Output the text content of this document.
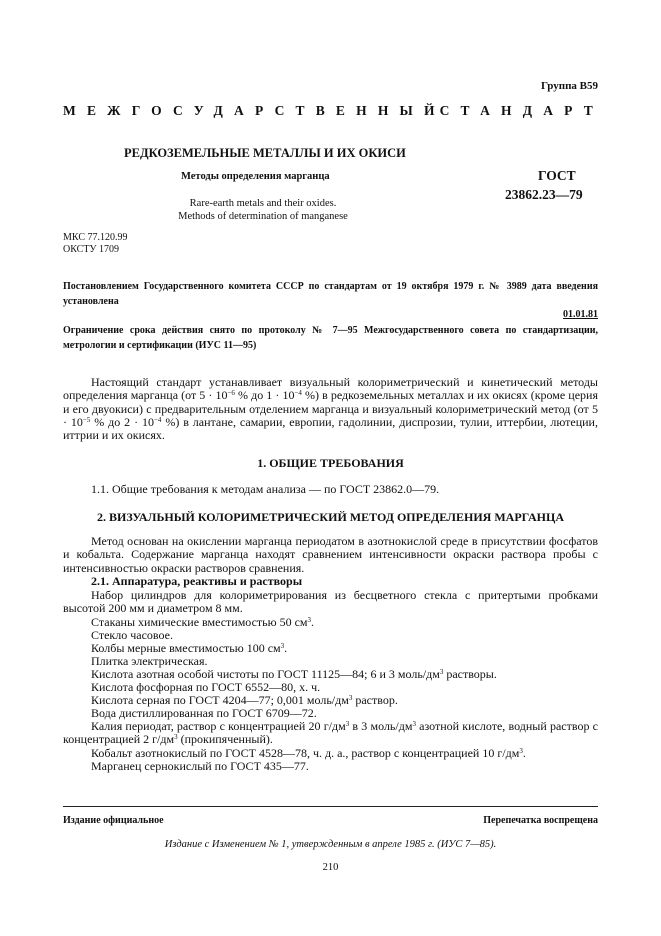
Группа В59
МЕЖГОСУДАРСТВЕННЫЙ
СТАНДАРТ
РЕДКОЗЕМЕЛЬНЫЕ МЕТАЛЛЫ И ИХ ОКИСИ
Методы определения марганца
Rare-earth metals and their oxides.
Methods of determination of manganese
ГОСТ
23862.23—79
МКС 77.120.99
ОКСТУ 1709
Постановлением Государственного комитета СССР по стандартам от 19 октября 1979 г. № 3989 дата введения установлена
01.01.81
Ограничение срока действия снято по протоколу № 7—95 Межгосударственного совета по стандартизации, метрологии и сертификации (ИУС 11—95)
Настоящий стандарт устанавливает визуальный колориметрический и кинетический методы определения марганца (от $5 \cdot 10^{-6}$ % до $1 \cdot 10^{-4}$ %) в редкоземельных металлах и их окисях (кроме церия и его двуокиси) с предварительным отделением марганца и визуальный колориметрический метод (от $5 \cdot 10^{-5}$ % до $2 \cdot 10^{-4}$ %) в лантане, самарии, европии, гадолинии, диспрозии, тулии, иттербии, лютеции, иттрии и их окисях.
1. ОБЩИЕ ТРЕБОВАНИЯ
1.1. Общие требования к методам анализа — по ГОСТ 23862.0—79.
2. ВИЗУАЛЬНЫЙ КОЛОРИМЕТРИЧЕСКИЙ МЕТОД ОПРЕДЕЛЕНИЯ МАРГАНЦА
Метод основан на окислении марганца периодатом в азотнокислой среде в присутствии фосфатов и кобальта. Содержание марганца находят сравнением интенсивности окраски раствора пробы с интенсивностью окраски растворов сравнения.
2.1. Аппаратура, реактивы и растворы
Набор цилиндров для колориметрирования из бесцветного стекла с притертыми пробками высотой 200 мм и диаметром 8 мм.
Стаканы химические вместимостью 50 $см^3$.
Стекло часовое.
Колбы мерные вместимостью 100 $см^3$.
Плитка электрическая.
Кислота азотная особой чистоты по ГОСТ 11125—84; 6 и 3 моль/$дм^3$ растворы.
Кислота фосфорная по ГОСТ 6552—80, х. ч.
Кислота серная по ГОСТ 4204—77; 0,001 моль/$дм^3$ раствор.
Вода дистиллированная по ГОСТ 6709—72.
Калия периодат, раствор с концентрацией 20 $г/дм^3$ в 3 моль/$дм^3$ азотной кислоте, водный раствор с концентрацией 2 $г/дм^3$ (прокипяченный).
Кобальт азотнокислый по ГОСТ 4528—78, ч. д. а., раствор с концентрацией 10 $г/дм^3$.
Марганец сернокислый по ГОСТ 435—77.
Издание официальное	Перепечатка воспрещена
Издание с Изменением № 1, утвержденным в апреле 1985 г. (ИУС 7—85).
210
